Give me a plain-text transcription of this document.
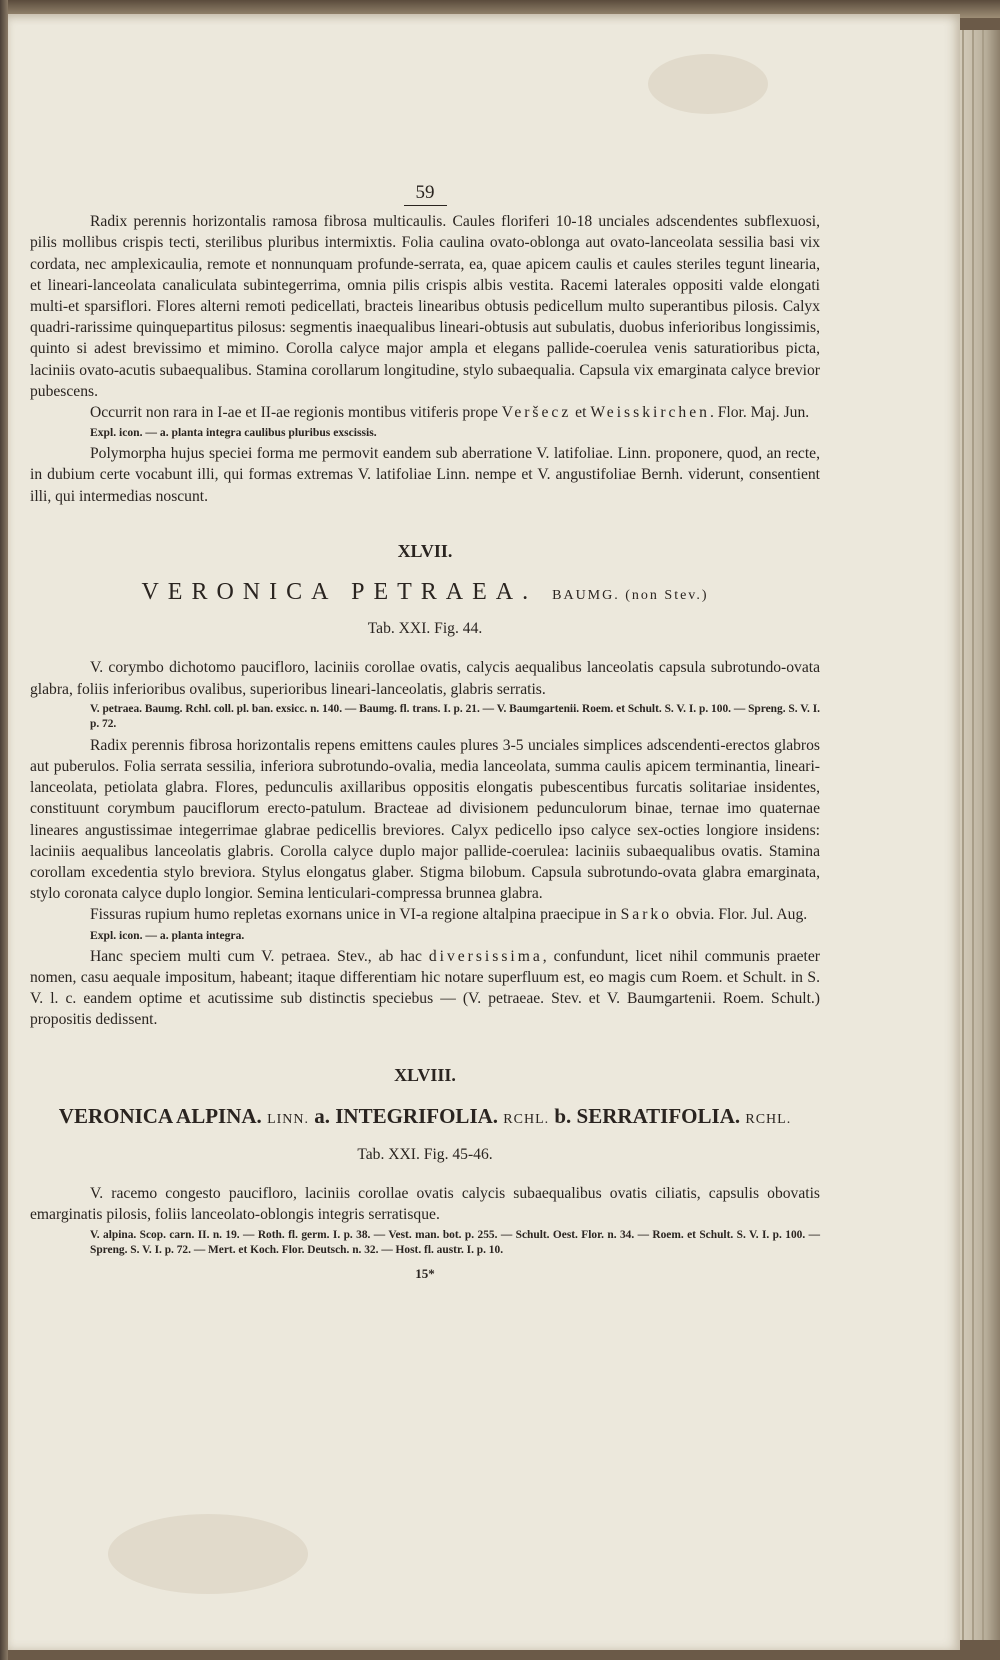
59

Radix perennis horizontalis ramosa fibrosa multicaulis. Caules floriferi 10-18 unciales adscendentes subflexuosi, pilis mollibus crispis tecti, sterilibus pluribus intermixtis. Folia caulina ovato-oblonga aut ovato-lanceolata sessilia basi vix cordata, nec amplexicaulia, remote et nonnunquam profunde-serrata, ea, quae apicem caulis et caules steriles tegunt linearia, et lineari-lanceolata canaliculata subintegerrima, omnia pilis crispis albis vestita. Racemi laterales oppositi valde elongati multi-et sparsiflori. Flores alterni remoti pedicellati, bracteis linearibus obtusis pedicellum multo superantibus pilosis. Calyx quadri-rarissime quinquepartitus pilosus: segmentis inaequalibus lineari-obtusis aut subulatis, duobus inferioribus longissimis, quinto si adest brevissimo et mimino. Corolla calyce major ampla et elegans pallide-coerulea venis saturatioribus picta, laciniis ovato-acutis subaequalibus. Stamina corollarum longitudine, stylo subaequalia. Capsula vix emarginata calyce brevior pubescens.

Occurrit non rara in I-ae et II-ae regionis montibus vitiferis prope Veršecz et Weisskirchen. Flor. Maj. Jun.

Expl. icon. — a. planta integra caulibus pluribus exscissis.

Polymorpha hujus speciei forma me permovit eandem sub aberratione V. latifoliae. Linn. proponere, quod, an recte, in dubium certe vocabunt illi, qui formas extremas V. latifoliae Linn. nempe et V. angustifoliae Bernh. viderunt, consentient illi, qui intermedias noscunt.

XLVII.
VERONICA PETRAEA. BAUMG. (non Stev.)
Tab. XXI. Fig. 44.

V. corymbo dichotomo paucifloro, laciniis corollae ovatis, calycis aequalibus lanceolatis capsula subrotundo-ovata glabra, foliis inferioribus ovalibus, superioribus lineari-lanceolatis, glabris serratis.

V. petraea. Baumg. Rchl. coll. pl. ban. exsicc. n. 140. — Baumg. fl. trans. I. p. 21. — V. Baumgartenii. Roem. et Schult. S. V. I. p. 100. — Spreng. S. V. I. p. 72.

Radix perennis fibrosa horizontalis repens emittens caules plures 3-5 unciales simplices adscendenti-erectos glabros aut puberulos. Folia serrata sessilia, inferiora subrotundo-ovalia, media lanceolata, summa caulis apicem terminantia, lineari-lanceolata, petiolata glabra. Flores, pedunculis axillaribus oppositis elongatis pubescentibus furcatis solitariae insidentes, constituunt corymbum pauciflorum erecto-patulum. Bracteae ad divisionem pedunculorum binae, ternae imo quaternae lineares angustissimae integerrimae glabrae pedicellis breviores. Calyx pedicello ipso calyce sex-octies longiore insidens: laciniis aequalibus lanceolatis glabris. Corolla calyce duplo major pallide-coerulea: laciniis subaequalibus ovatis. Stamina corollam excedentia stylo breviora. Stylus elongatus glaber. Stigma bilobum. Capsula subrotundo-ovata glabra emarginata, stylo coronata calyce duplo longior. Semina lenticulari-compressa brunnea glabra.

Fissuras rupium humo repletas exornans unice in VI-a regione altalpina praecipue in Sarko obvia. Flor. Jul. Aug.

Expl. icon. — a. planta integra.

Hanc speciem multi cum V. petraea. Stev., ab hac diversissima, confundunt, licet nihil communis praeter nomen, casu aequale impositum, habeant; itaque differentiam hic notare superfluum est, eo magis cum Roem. et Schult. in S. V. l. c. eandem optime et acutissime sub distinctis speciebus — (V. petraeae. Stev. et V. Baumgartenii. Roem. Schult.) propositis dedissent.

XLVIII.
VERONICA ALPINA. LINN. a. INTEGRIFOLIA. RCHL. b. SERRATIFOLIA. RCHL.
Tab. XXI. Fig. 45-46.

V. racemo congesto paucifloro, laciniis corollae ovatis calycis subaequalibus ovatis ciliatis, capsulis obovatis emarginatis pilosis, foliis lanceolato-oblongis integris serratisque.

V. alpina. Scop. carn. II. n. 19. — Roth. fl. germ. I. p. 38. — Vest. man. bot. p. 255. — Schult. Oest. Flor. n. 34. — Roem. et Schult. S. V. I. p. 100. — Spreng. S. V. I. p. 72. — Mert. et Koch. Flor. Deutsch. n. 32. — Host. fl. austr. I. p. 10.
15*
